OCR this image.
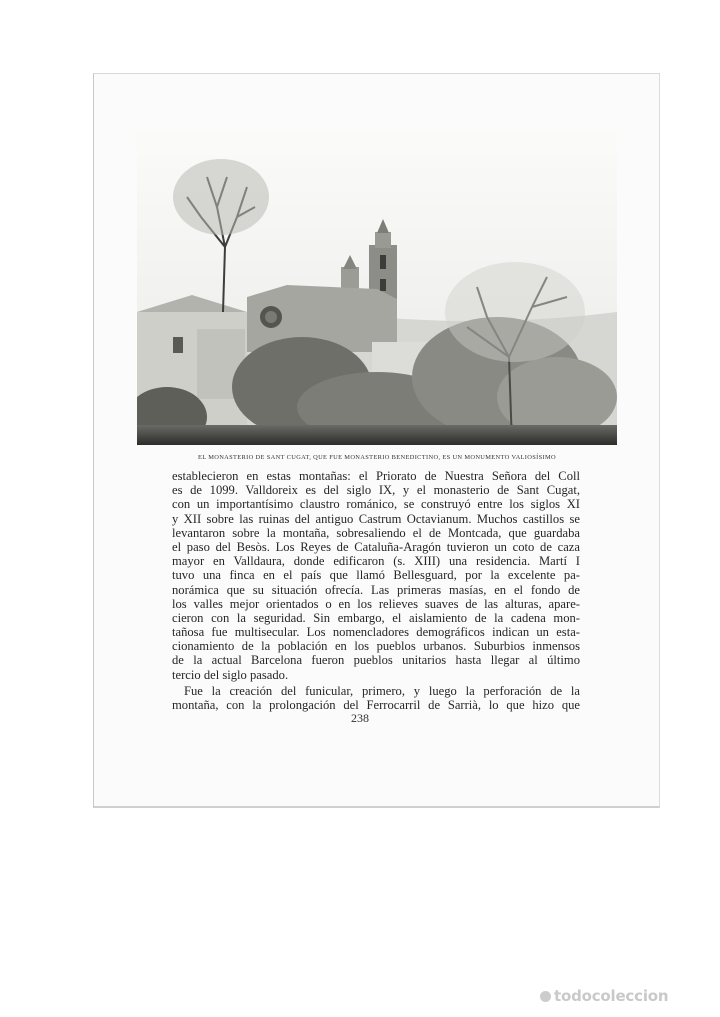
EL MONASTERIO DE SANT CUGAT, QUE FUE MONASTERIO BENEDICTINO, ES UN MONUMENTO VALIOSÍSIMO
establecieron en estas montañas: el Priorato de Nuestra Señora del Coll
es de 1099. Valldoreix es del siglo IX, y el monasterio de Sant Cugat,
con un importantísimo claustro románico, se construyó entre los siglos XI
y XII sobre las ruinas del antiguo Castrum Octavianum. Muchos castillos se
levantaron sobre la montaña, sobresaliendo el de Montcada, que guardaba
el paso del Besòs. Los Reyes de Cataluña-Aragón tuvieron un coto de caza
mayor en Valldaura, donde edificaron (s. XIII) una residencia. Martí I
tuvo una finca en el país que llamó Bellesguard, por la excelente pa-
norámica que su situación ofrecía. Las primeras masías, en el fondo de
los valles mejor orientados o en los relieves suaves de las alturas, apare-
cieron con la seguridad. Sin embargo, el aislamiento de la cadena mon-
tañosa fue multisecular. Los nomencladores demográficos indican un esta-
cionamiento de la población en los pueblos urbanos. Suburbios inmensos
de la actual Barcelona fueron pueblos unitarios hasta llegar al último
tercio del siglo pasado.
Fue la creación del funicular, primero, y luego la perforación de la
montaña, con la prolongación del Ferrocarril de Sarrià, lo que hizo que
238
todocoleccion
